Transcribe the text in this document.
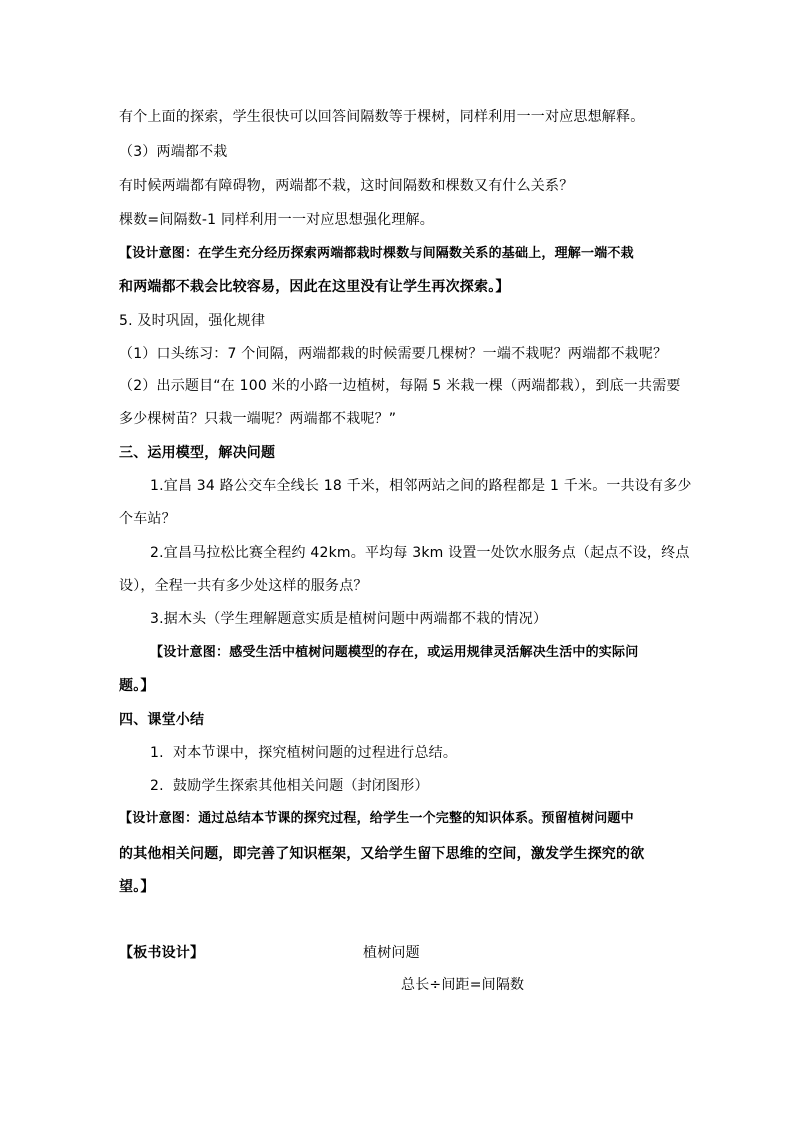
有个上面的探索，学生很快可以回答间隔数等于棵树，同样利用一一对应思想解释。
（3）两端都不栽
有时候两端都有障碍物，两端都不栽，这时间隔数和棵数又有什么关系？
棵数=间隔数-1 同样利用一一对应思想强化理解。
【设计意图：在学生充分经历探索两端都栽时棵数与间隔数关系的基础上，理解一端不栽
和两端都不栽会比较容易，因此在这里没有让学生再次探索。】
5. 及时巩固，强化规律
（1）口头练习：7 个间隔，两端都栽的时候需要几棵树？一端不栽呢？两端都不栽呢？
（2）出示题目“在 100 米的小路一边植树，每隔 5 米栽一棵（两端都栽），到底一共需要
多少棵树苗？只栽一端呢？两端都不栽呢？”
三、运用模型，解决问题
1.宜昌 34 路公交车全线长 18 千米，相邻两站之间的路程都是 1 千米。一共设有多少
个车站？
2.宜昌马拉松比赛全程约 42km。平均每 3km 设置一处饮水服务点（起点不设，终点
设），全程一共有多少处这样的服务点？
3.据木头（学生理解题意实质是植树问题中两端都不栽的情况）
【设计意图：感受生活中植树问题模型的存在，或运用规律灵活解决生活中的实际问
题。】
四、课堂小结
1.  对本节课中，探究植树问题的过程进行总结。
2.  鼓励学生探索其他相关问题（封闭图形）
【设计意图：通过总结本节课的探究过程，给学生一个完整的知识体系。预留植树问题中
的其他相关问题，即完善了知识框架，又给学生留下思维的空间，激发学生探究的欲
望。】
【板书设计】	植树问题
总长÷间距=间隔数
